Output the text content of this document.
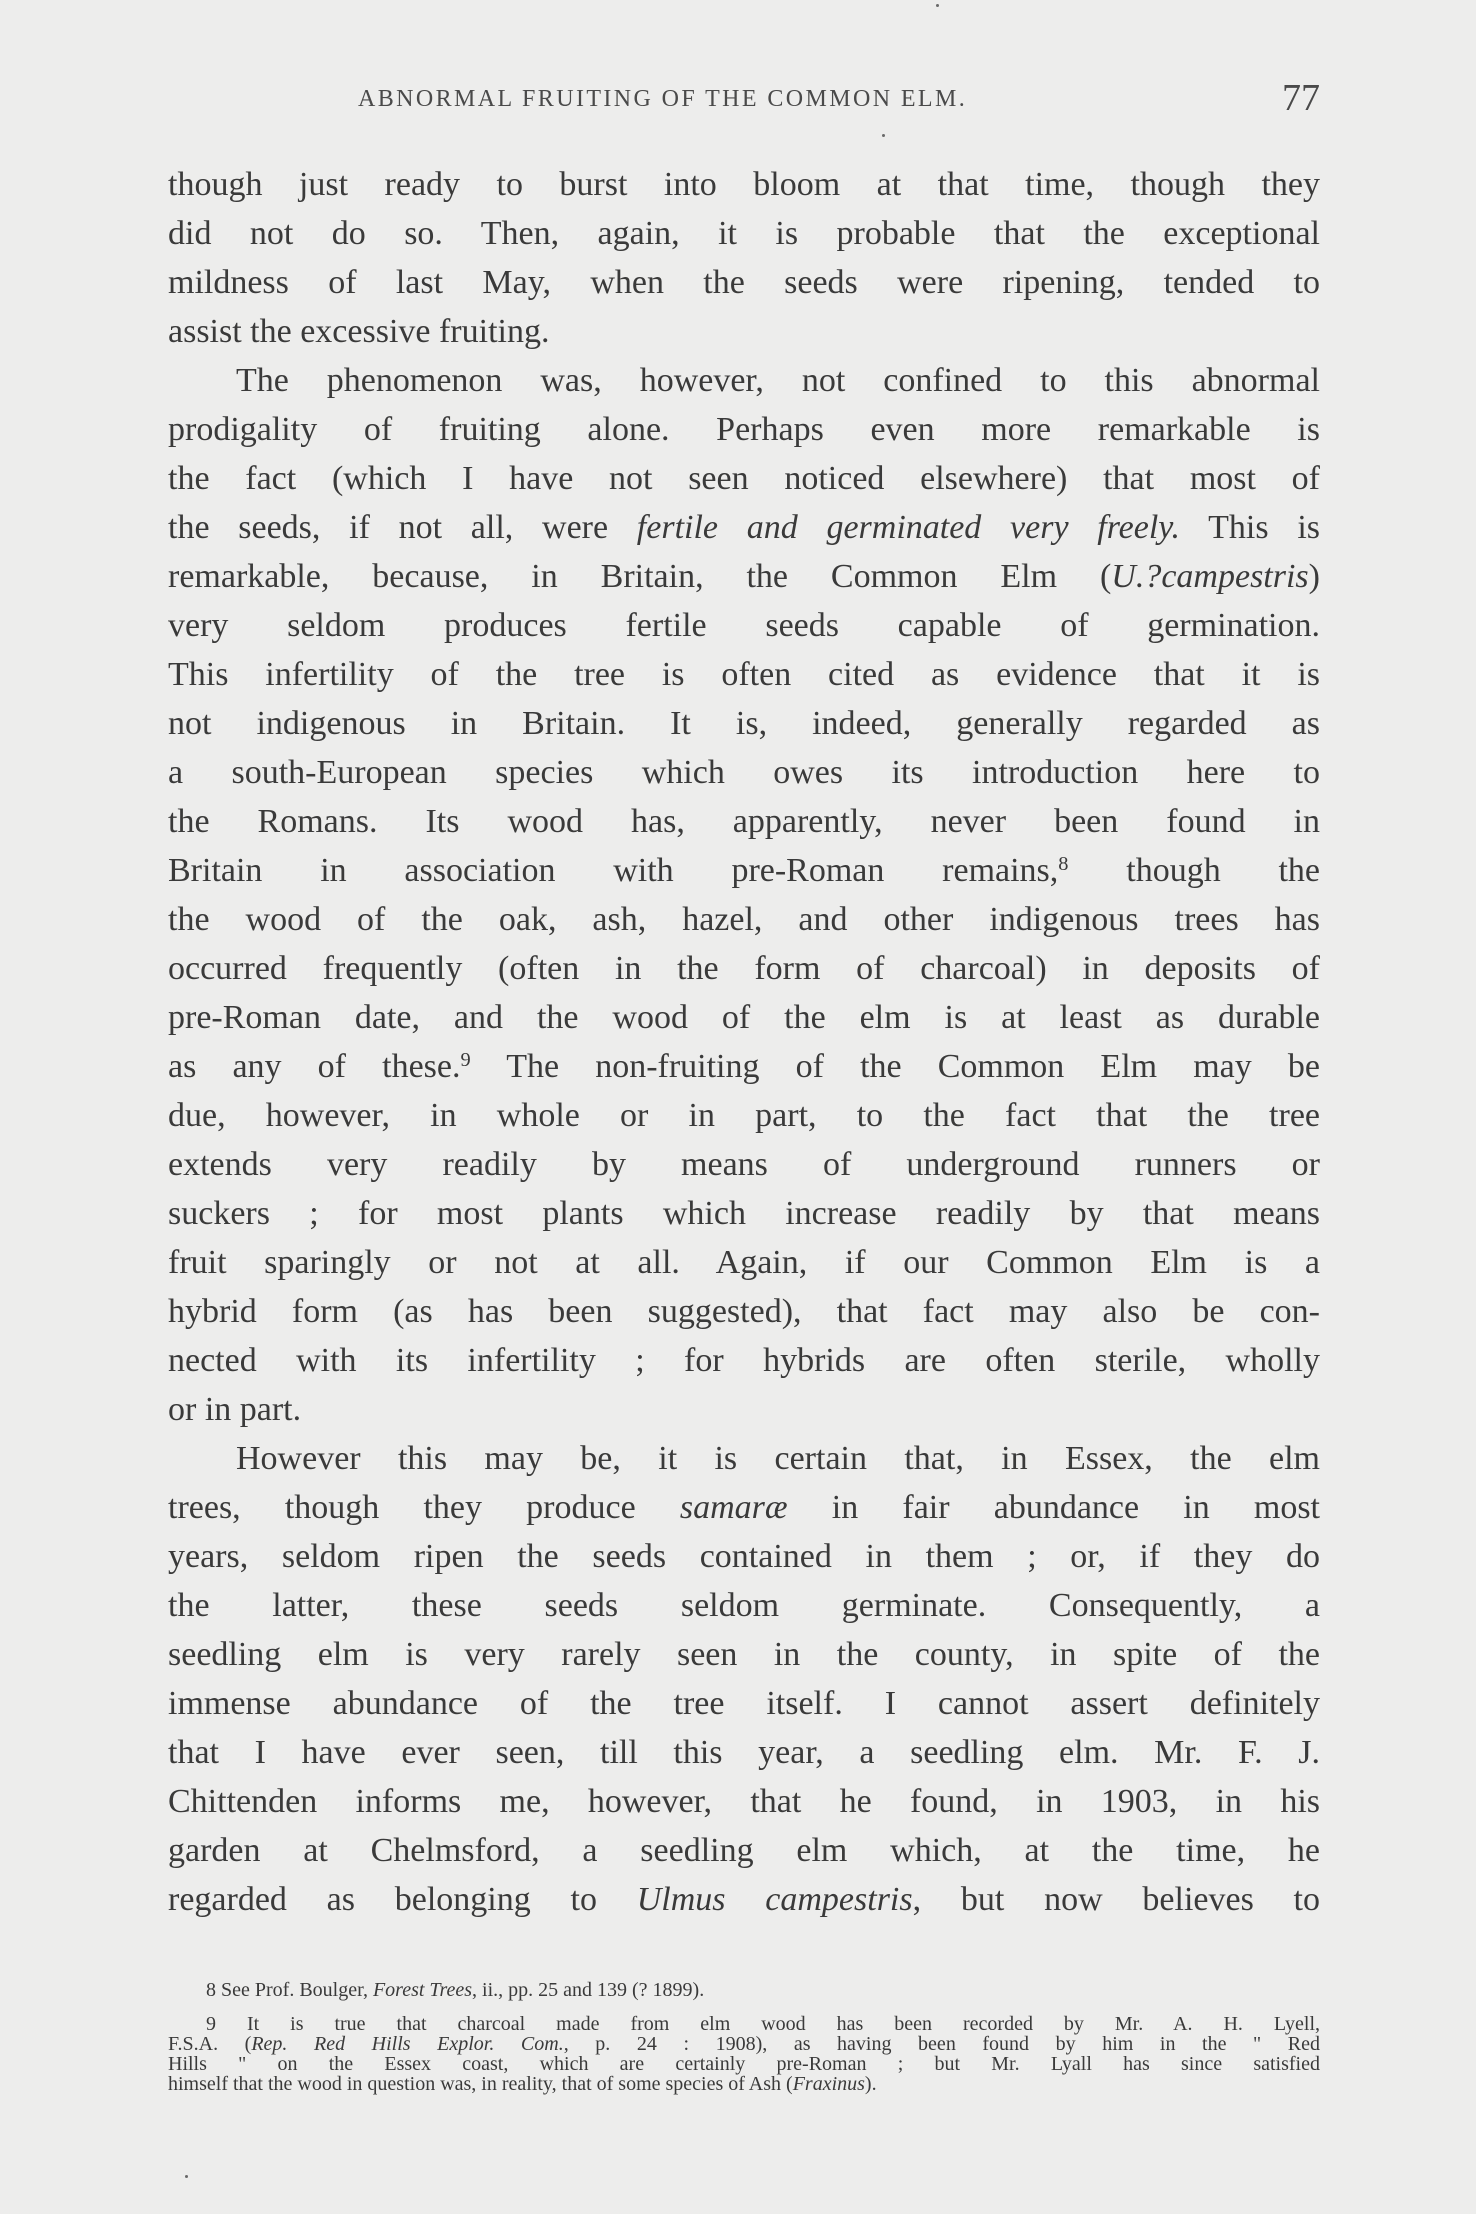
ABNORMAL FRUITING OF THE COMMON ELM.	77
though just ready to burst into bloom at that time, though they
did not do so. Then, again, it is probable that the exceptional
mildness of last May, when the seeds were ripening, tended to
assist the excessive fruiting.
The phenomenon was, however, not confined to this abnormal
prodigality of fruiting alone. Perhaps even more remarkable is
the fact (which I have not seen noticed elsewhere) that most of
the seeds, if not all, were fertile and germinated very freely. This is
remarkable, because, in Britain, the Common Elm (U.?campestris)
very seldom produces fertile seeds capable of germination.
This infertility of the tree is often cited as evidence that it is
not indigenous in Britain. It is, indeed, generally regarded as
a south-European species which owes its introduction here to
the Romans. Its wood has, apparently, never been found in
Britain in association with pre-Roman remains,$^8$ though the
the wood of the oak, ash, hazel, and other indigenous trees has
occurred frequently (often in the form of charcoal) in deposits of
pre-Roman date, and the wood of the elm is at least as durable
as any of these.$^9$ The non-fruiting of the Common Elm may be
due, however, in whole or in part, to the fact that the tree
extends very readily by means of underground runners or
suckers ; for most plants which increase readily by that means
fruit sparingly or not at all. Again, if our Common Elm is a
hybrid form (as has been suggested), that fact may also be con-
nected with its infertility ; for hybrids are often sterile, wholly
or in part.
However this may be, it is certain that, in Essex, the elm
trees, though they produce samaræ in fair abundance in most
years, seldom ripen the seeds contained in them ; or, if they do
the latter, these seeds seldom germinate. Consequently, a
seedling elm is very rarely seen in the county, in spite of the
immense abundance of the tree itself. I cannot assert definitely
that I have ever seen, till this year, a seedling elm. Mr. F. J.
Chittenden informs me, however, that he found, in 1903, in his
garden at Chelmsford, a seedling elm which, at the time, he
regarded as belonging to Ulmus campestris, but now believes to
8 See Prof. Boulger, Forest Trees, ii., pp. 25 and 139 (? 1899).
9 It is true that charcoal made from elm wood has been recorded by Mr. A. H. Lyell,
F.S.A. (Rep. Red Hills Explor. Com., p. 24 : 1908), as having been found by him in the " Red
Hills " on the Essex coast, which are certainly pre-Roman ; but Mr. Lyall has since satisfied
himself that the wood in question was, in reality, that of some species of Ash (Fraxinus).
